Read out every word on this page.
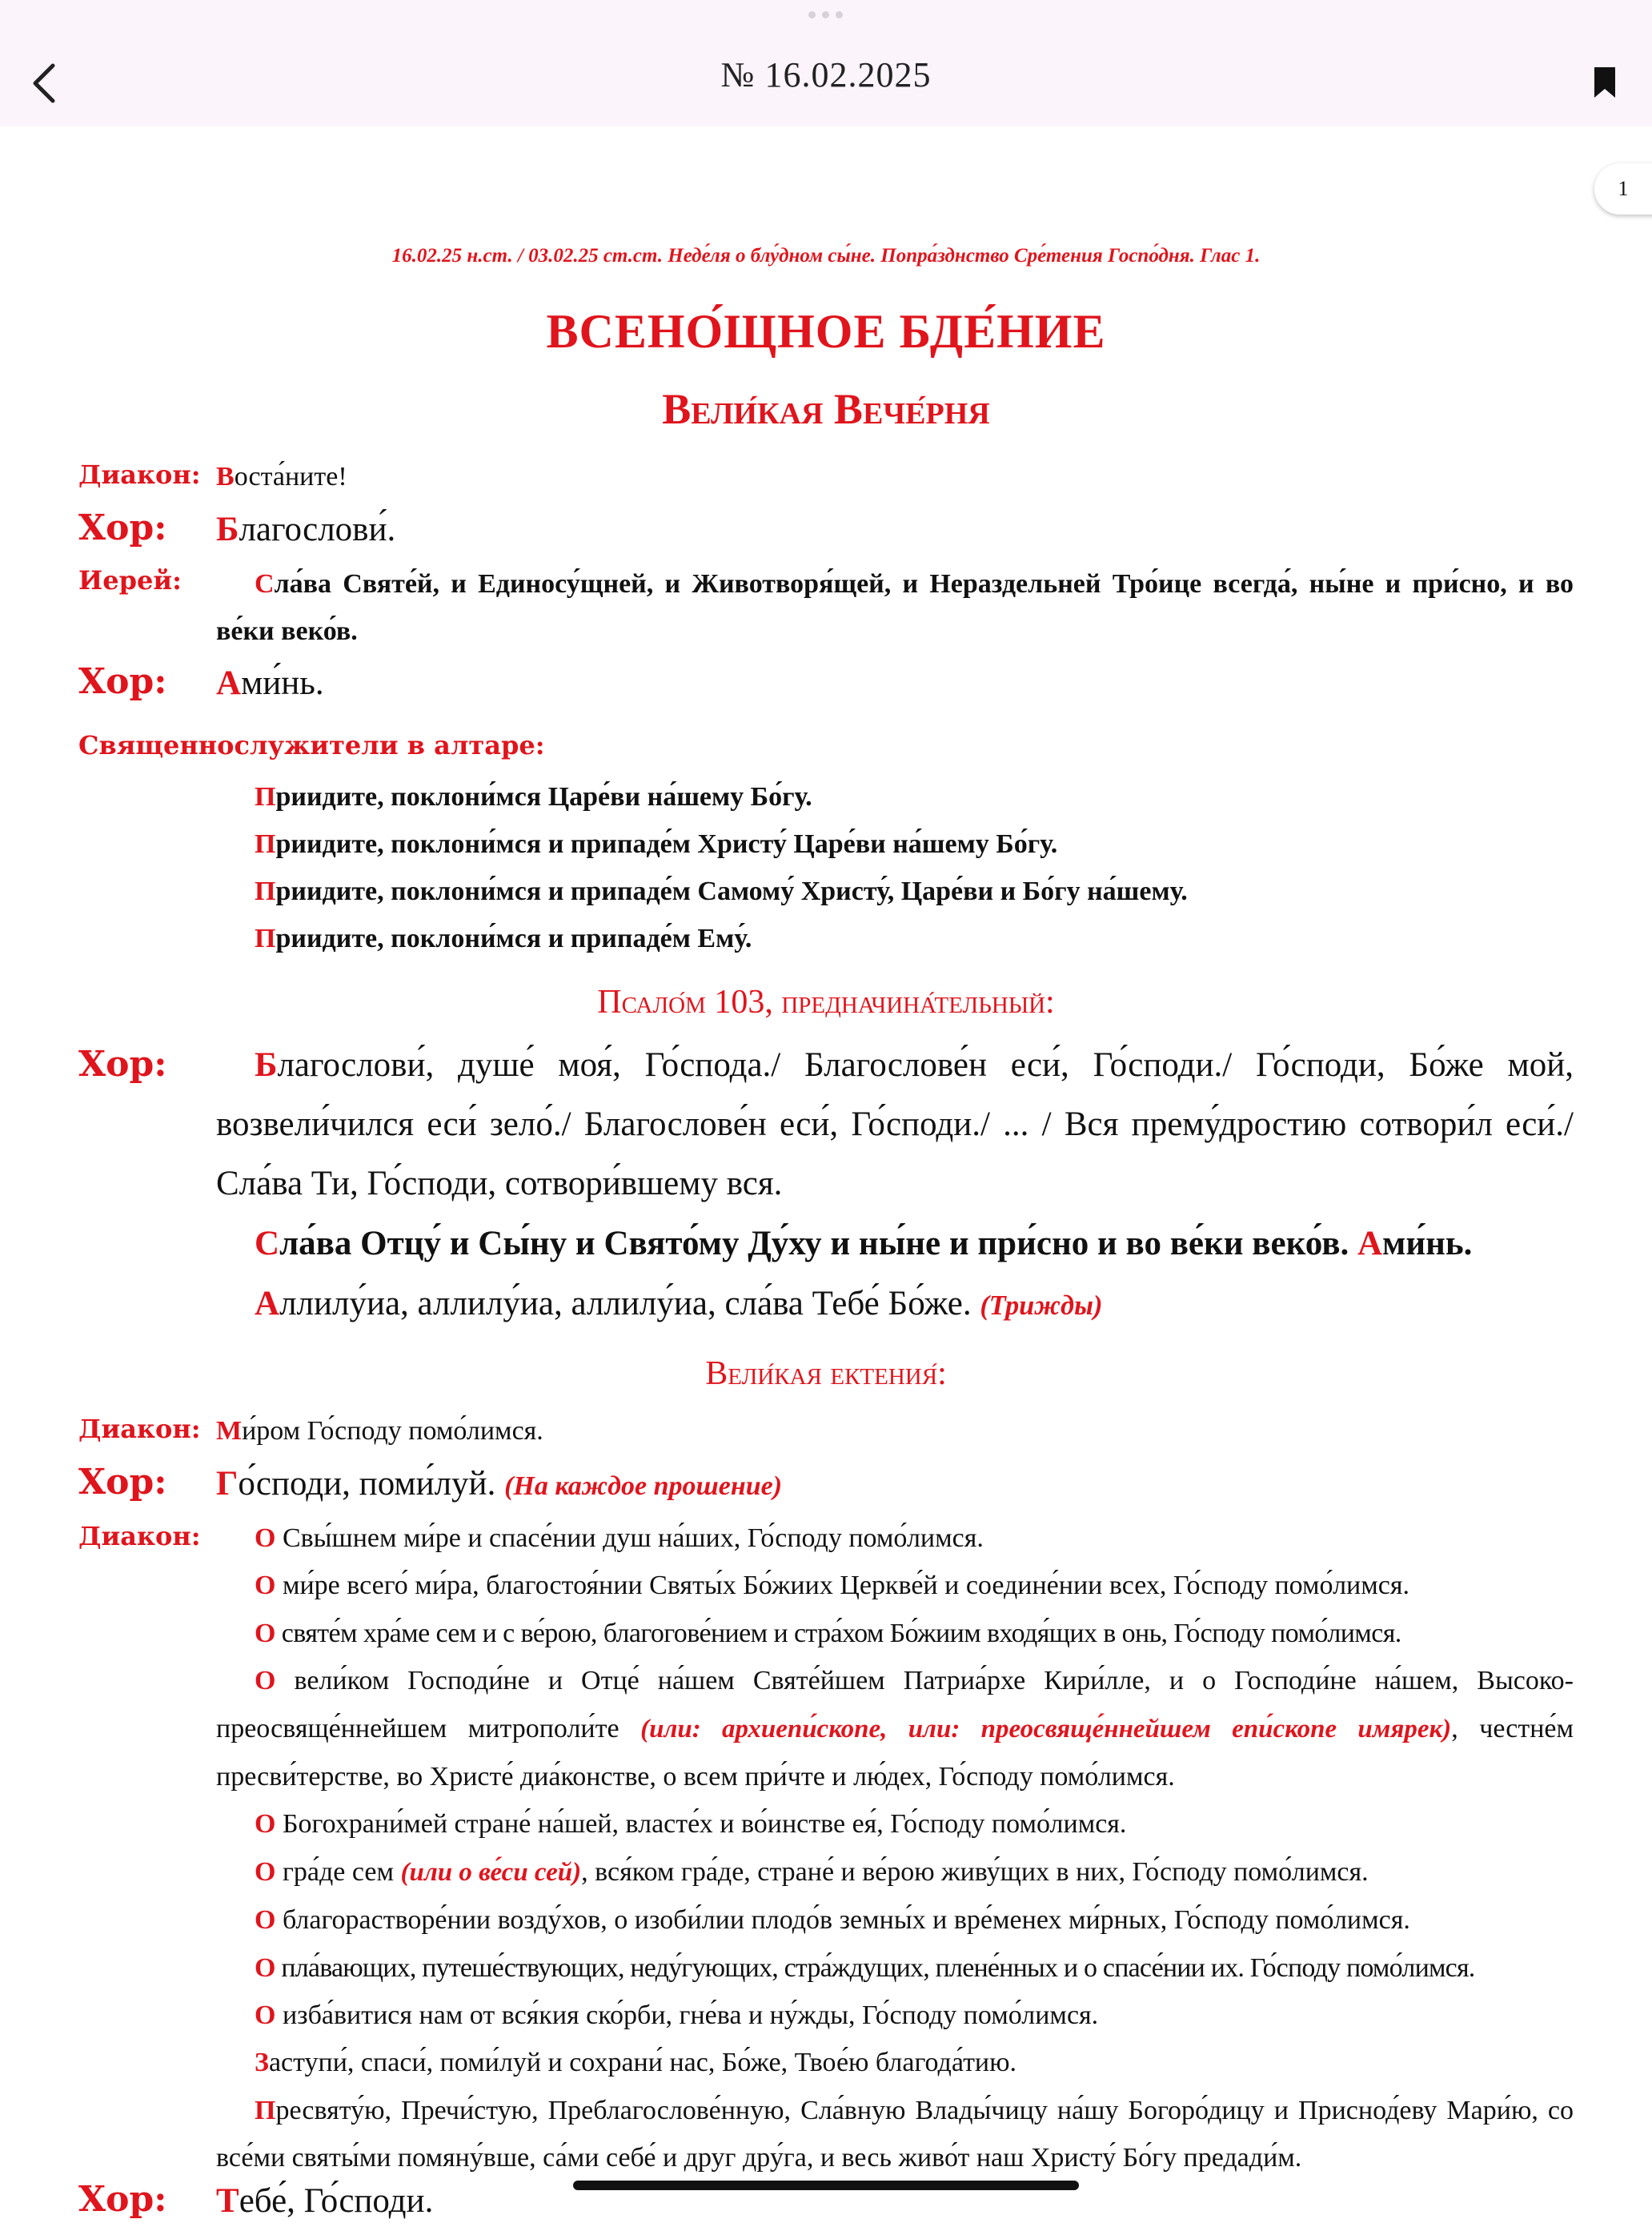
№ 16.02.2025
1
16.02.25 н.ст. / 03.02.25 ст.ст. Неде́ля о блу́дном сы́не. Попра́зднство Сре́тения Госпо́дня. Глас 1.
ВСЕНО́ЩНОЕ БДЕ́НИЕ
Вели́кая Вече́рня
Диакон: Воста́ните!
Хор: Благослови́.
Иерей:	Сла́ва Святе́й, и Единосу́щней, и Животворя́щей, и Нераздельней Тро́ице всегда́, ны́не и при́сно, и во ве́ки веко́в.
Хор: Ами́нь.
Священнослужители в алтаре:
Приидите, поклони́мся Царе́ви на́шему Бо́гу.
Приидите, поклони́мся и припаде́м Христу́ Царе́ви на́шему Бо́гу.
Приидите, поклони́мся и припаде́м Самому́ Христу́, Царе́ви и Бо́гу на́шему.
Приидите, поклони́мся и припаде́м Ему́.
Псало́м 103, предначина́тельный:
Хор:	Благослови́, душе́ моя́, Го́спода./ Благослове́н еси́, Го́споди./ Го́споди, Бо́же мой, возвели́чился еси́ зело́./ Благослове́н еси́, Го́споди./ ... / Вся прему́дростию сотвори́л еси́./ Сла́ва Ти, Го́споди, сотвори́вшему вся.
Сла́ва Отцу́ и Сы́ну и Свято́му Ду́ху и ны́не и при́сно и во ве́ки веко́в. Ами́нь.
Аллилу́иа, аллилу́иа, аллилу́иа, сла́ва Тебе́ Бо́же. (Трижды)
Вели́кая ектения́:
Диакон: Ми́ром Го́споду помо́лимся.
Хор: Го́споди, поми́луй. (На каждое прошение)
Диакон:	О Свы́шнем ми́ре и спасе́нии душ на́ших, Го́споду помо́лимся.
О ми́ре всего́ ми́ра, благостоя́нии Святы́х Бо́жиих Церкве́й и соедине́нии всех, Го́споду помо́лимся.
О святе́м хра́ме сем и с ве́рою, благогове́нием и стра́хом Бо́жиим входя́щих в онь, Го́споду помо́лимся.
О вели́ком Господи́не и Отце́ на́шем Святе́йшем Патриа́рхе Кири́лле, и о Господи́не на́шем, Высокопреосвяще́ннейшем митрополи́те (или: архиепи́скопе, или: преосвяще́ннейшем епи́скопе имярек), честне́м пресви́терстве, во Христе́ диа́констве, о всем при́чте и лю́дех, Го́споду помо́лимся.
О Богохрани́мей стране́ на́шей, власте́х и во́инстве ея́, Го́споду помо́лимся.
О гра́де сем (или о ве́си сей), вся́ком гра́де, стране́ и ве́рою живу́щих в них, Го́споду помо́лимся.
О благорастворе́нии возду́хов, о изоби́лии плодо́в земны́х и вре́менех ми́рных, Го́споду помо́лимся.
О пла́вающих, путеше́ствующих, неду́гующих, стра́ждущих, плене́нных и о спасе́нии их. Го́споду помо́лимся.
О изба́витися нам от вся́кия ско́рби, гне́ва и ну́жды, Го́споду помо́лимся.
Заступи́, спаси́, поми́луй и сохрани́ нас, Бо́же, Твое́ю благода́тию.
Пресвяту́ю, Пречи́стую, Преблагослове́нную, Сла́вную Влады́чицу на́шу Богоро́дицу и Приснод́еву Мари́ю, со все́ми святы́ми помяну́вше, са́ми себе́ и друг дру́га, и весь живо́т наш Христу́ Бо́гу предади́м.
Хор: Тебе́, Го́споди.
